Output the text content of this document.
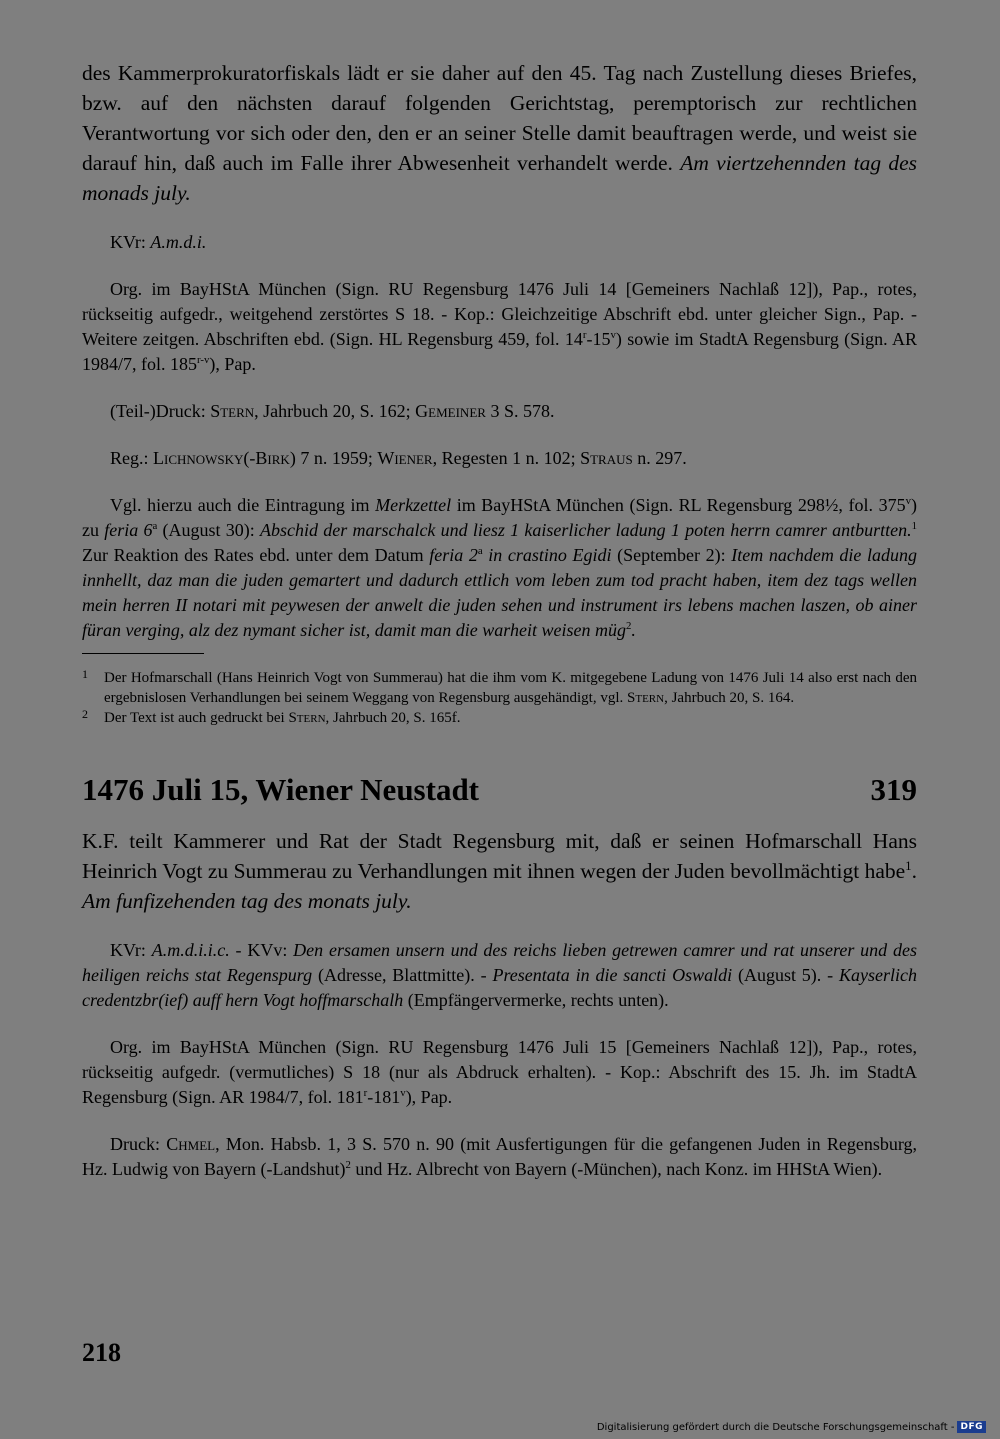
des Kammerprokuratorfiskals lädt er sie daher auf den 45. Tag nach Zustellung dieses Briefes, bzw. auf den nächsten darauf folgenden Gerichtstag, peremptorisch zur rechtlichen Verantwortung vor sich oder den, den er an seiner Stelle damit beauftragen werde, und weist sie darauf hin, daß auch im Falle ihrer Abwesenheit verhandelt werde. Am viertzehennden tag des monads july.

KVr: A.m.d.i.

Org. im BayHStA München (Sign. RU Regensburg 1476 Juli 14 [Gemeiners Nachlaß 12]), Pap., rotes, rückseitig aufgedr., weitgehend zerstörtes S 18. - Kop.: Gleichzeitige Abschrift ebd. unter gleicher Sign., Pap. - Weitere zeitgen. Abschriften ebd. (Sign. HL Regensburg 459, fol. 14$^r$-15$^v$) sowie im StadtA Regensburg (Sign. AR 1984/7, fol. 185$^{r-v}$), Pap.

(Teil-)Druck: Stern, Jahrbuch 20, S. 162; Gemeiner 3 S. 578.

Reg.: Lichnowsky(-Birk) 7 n. 1959; Wiener, Regesten 1 n. 102; Straus n. 297.

Vgl. hierzu auch die Eintragung im Merkzettel im BayHStA München (Sign. RL Regensburg 298½, fol. 375$^v$) zu feria 6$^a$ (August 30): Abschid der marschalck und liesz 1 kaiserlicher ladung 1 poten herrn camrer antburtten.$^1$ Zur Reaktion des Rates ebd. unter dem Datum feria 2$^a$ in crastino Egidi (September 2): Item nachdem die ladung innhellt, daz man die juden gemartert und dadurch ettlich vom leben zum tod pracht haben, item dez tags wellen mein herren II notari mit peywesen der anwelt die juden sehen und instrument irs lebens machen laszen, ob ainer füran verging, alz dez nymant sicher ist, damit man die warheit weisen müg$^2$.

1 Der Hofmarschall (Hans Heinrich Vogt von Summerau) hat die ihm vom K. mitgegebene Ladung von 1476 Juli 14 also erst nach den ergebnislosen Verhandlungen bei seinem Weggang von Regensburg ausgehändigt, vgl. Stern, Jahrbuch 20, S. 164.

2 Der Text ist auch gedruckt bei Stern, Jahrbuch 20, S. 165f.

1476 Juli 15, Wiener Neustadt	319

K.F. teilt Kammerer und Rat der Stadt Regensburg mit, daß er seinen Hofmarschall Hans Heinrich Vogt zu Summerau zu Verhandlungen mit ihnen wegen der Juden bevollmächtigt habe$^1$. Am funfizehenden tag des monats july.

KVr: A.m.d.i.i.c. - KVv: Den ersamen unsern und des reichs lieben getrewen camrer und rat unserer und des heiligen reichs stat Regenspurg (Adresse, Blattmitte). - Presentata in die sancti Oswaldi (August 5). - Kayserlich credentzbr(ief) auff hern Vogt hoffmarschalh (Empfängervermerke, rechts unten).

Org. im BayHStA München (Sign. RU Regensburg 1476 Juli 15 [Gemeiners Nachlaß 12]), Pap., rotes, rückseitig aufgedr. (vermutliches) S 18 (nur als Abdruck erhalten). - Kop.: Abschrift des 15. Jh. im StadtA Regensburg (Sign. AR 1984/7, fol. 181$^r$-181$^v$), Pap.

Druck: Chmel, Mon. Habsb. 1, 3 S. 570 n. 90 (mit Ausfertigungen für die gefangenen Juden in Regensburg, Hz. Ludwig von Bayern (-Landshut)$^2$ und Hz. Albrecht von Bayern (-München), nach Konz. im HHStA Wien).

218
Digitalisierung gefördert durch die Deutsche Forschungsgemeinschaft - DFG
